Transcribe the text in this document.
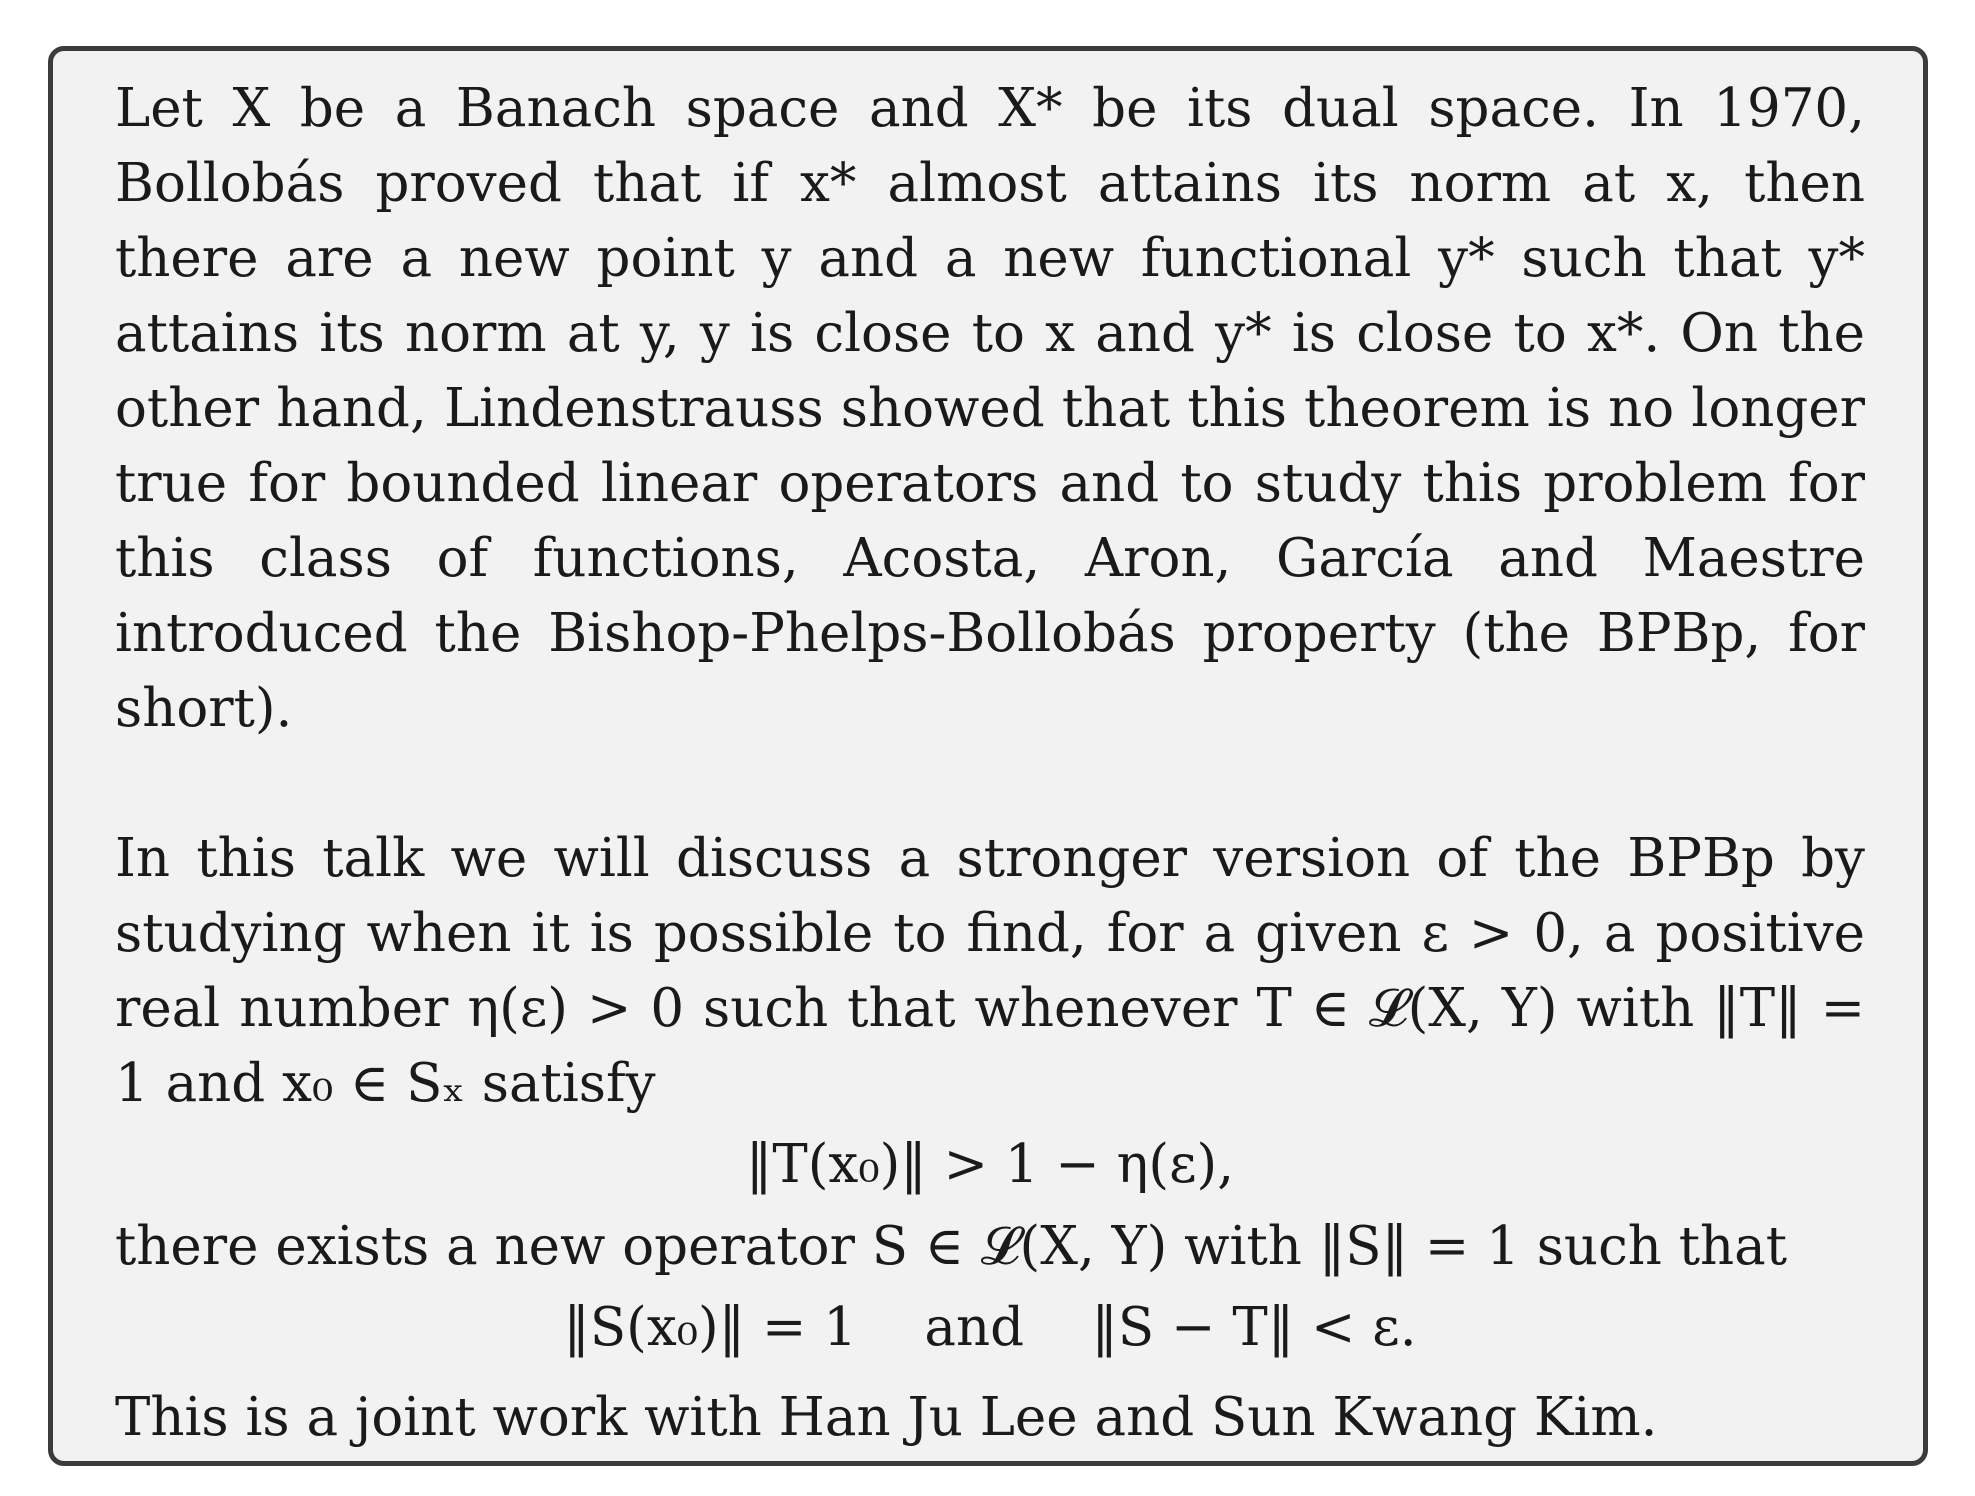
Let X be a Banach space and X* be its dual space. In 1970, Bollobás proved that if x* almost attains its norm at x, then there are a new point y and a new functional y* such that y* attains its norm at y, y is close to x and y* is close to x*. On the other hand, Lindenstrauss showed that this theorem is no longer true for bounded linear operators and to study this problem for this class of functions, Acosta, Aron, García and Maestre introduced the Bishop-Phelps-Bollobás property (the BPBp, for short).

In this talk we will discuss a stronger version of the BPBp by studying when it is possible to find, for a given ε > 0, a positive real number η(ε) > 0 such that whenever T ∈ 𝓛(X, Y) with ‖T‖ = 1 and x₀ ∈ Sₓ satisfy

‖T(x₀)‖ > 1 − η(ε),

there exists a new operator S ∈ 𝓛(X, Y) with ‖S‖ = 1 such that

‖S(x₀)‖ = 1    and    ‖S − T‖ < ε.

This is a joint work with Han Ju Lee and Sun Kwang Kim.
